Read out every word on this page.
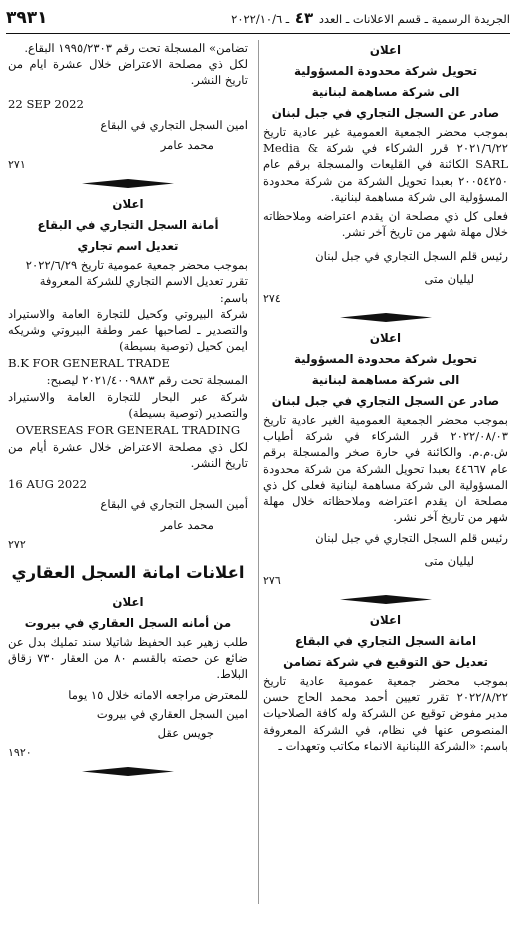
٣٩٣١	الجريدة الرسمية ـ قسم الاعلانات ـ العدد ٤٣ ـ ٢٠٢٢/١٠/٦
اعلان
تحويل شركة محدودة المسؤولية
الى شركة مساهمة لبنانية
صادر عن السجل التجاري في جبل لبنان

بموجب محضر الجمعية العمومية غير عادية تاريخ ٢٠٢١/٦/٢٢ قرر الشركاء في شركة Media & SARL الكائنة في القليعات والمسجلة برقم عام ٢٠٠٥٤٢٥٠ بعبدا تحويل الشركة من شركة محدودة المسؤولية الى شركة مساهمة لبنانية.

فعلى كل ذي مصلحة ان يقدم اعتراضه وملاحظاته خلال مهلة شهر من تاريخ آخر نشر.

رئيس قلم السجل التجاري في جبل لبنان

ليليان متى

٢٧٤

اعلان
تحويل شركة محدودة المسؤولية
الى شركة مساهمة لبنانية
صادر عن السجل التجاري في جبل لبنان

بموجب محضر الجمعية العمومية الغير عادية تاريخ ٢٠٢٢/٠٨/٠٣ قرر الشركاء في شركة أطياب ش.م.م. والكائنة في حارة صخر والمسجلة برقم عام ٤٤٦٦٧ بعبدا تحويل الشركة من شركة محدودة المسؤولية الى شركة مساهمة لبنانية فعلى كل ذي مصلحة ان يقدم اعتراضه وملاحظاته خلال مهلة شهر من تاريخ آخر نشر.

رئيس قلم السجل التجاري في جبل لبنان

ليليان متى

٢٧٦

اعلان
امانة السجل التجاري في البقاع
تعديل حق التوقيع في شركة تضامن

بموجب محضر جمعية عمومية عادية تاريخ ٢٠٢٢/٨/٢٢ تقرر تعيين أحمد محمد الحاج حسن مدير مفوض توقيع عن الشركة وله كافة الصلاحيات المنصوص عنها في نظام، في الشركة المعروفة باسم: «الشركة اللبنانية الانماء مكاتب وتعهدات ـ

تضامن» المسجلة تحت رقم ١٩٩٥/٢٣٠٣ البقاع.

لكل ذي مصلحة الاعتراض خلال عشرة ايام من تاريخ النشر.

22 SEP 2022

امين السجل التجاري في البقاع

محمد عامر

٢٧١

اعلان
أمانة السجل التجاري في البقاع
تعديل اسم تجاري

بموجب محضر جمعية عمومية تاريخ ٢٠٢٢/٦/٢٩

تقرر تعديل الاسم التجاري للشركة المعروفة باسم:

شركة البيروتي وكحيل للتجارة العامة والاستيراد والتصدير ـ لصاحبها عمر وطفة البيروتي وشريكه ايمن كحيل (توصية بسيطة)

B.K FOR GENERAL TRADE

المسجلة تحت رقم ٢٠٢١/٤٠٠٩٨٨٣ ليصبح:

شركة عبر البحار للتجارة العامة والاستيراد والتصدير (توصية بسيطة)

OVERSEAS FOR GENERAL TRADING

لكل ذي مصلحة الاعتراض خلال عشرة أيام من تاريخ النشر.

16 AUG 2022

أمين السجل التجاري في البقاع

محمد عامر

٢٧٢

اعلانات امانة السجل العقاري
اعلان
من أمانه السجل العقاري في بيروت

طلب زهير عبد الحفيظ شاتيلا سند تمليك بدل عن ضائع عن حصته بالقسم ٨٠ من العقار ٧٣٠ زقاق البلاط.

للمعترض مراجعه الامانه خلال ١٥ يوما

امين السجل العقاري في بيروت

جويس عقل

١٩٢٠
